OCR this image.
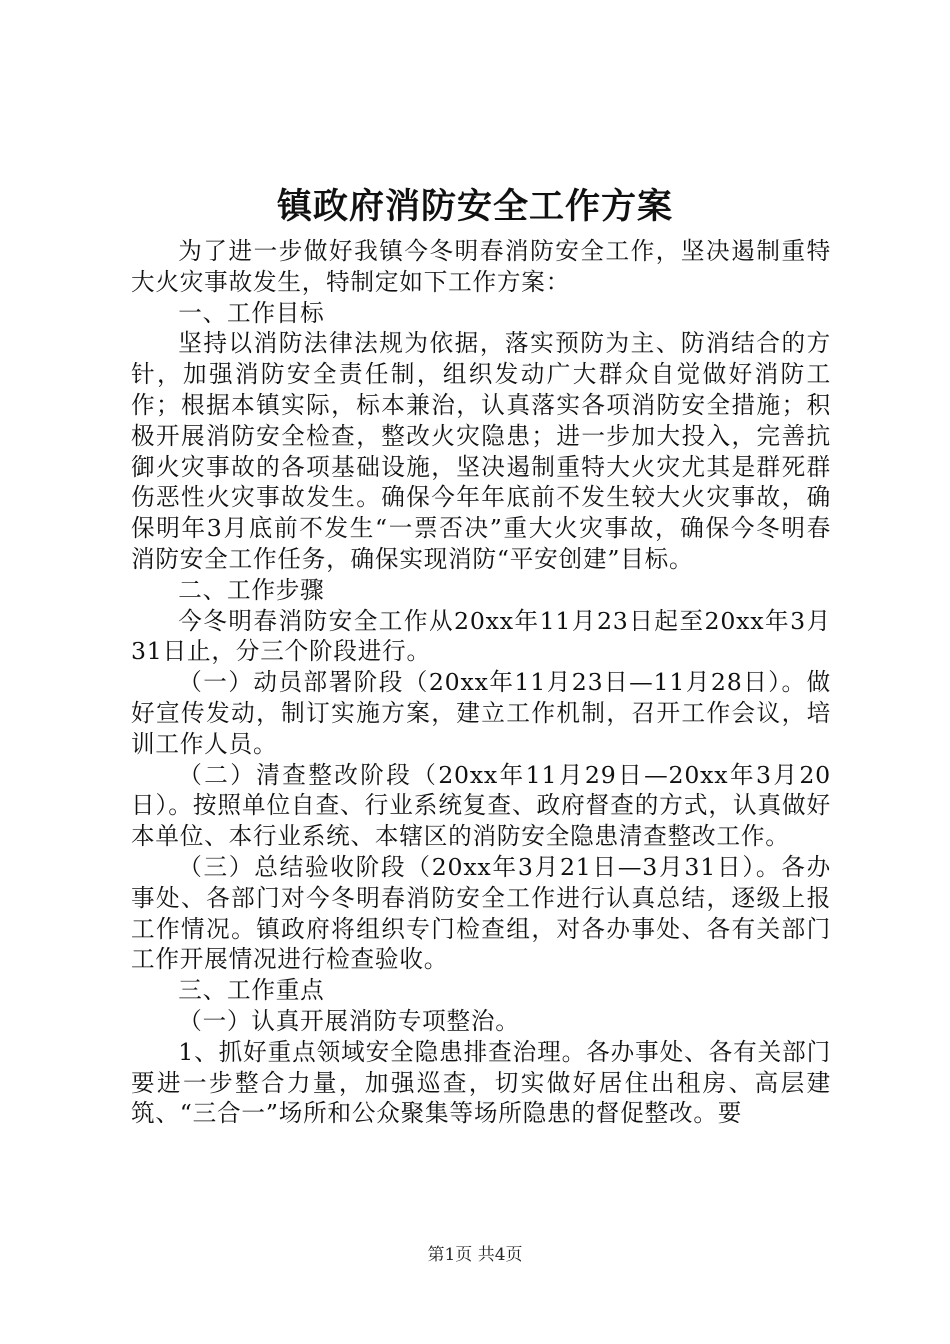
镇政府消防安全工作方案

为了进一步做好我镇今冬明春消防安全工作，坚决遏制重特大火灾事故发生，特制定如下工作方案：

一、工作目标

坚持以消防法律法规为依据，落实预防为主、防消结合的方针，加强消防安全责任制，组织发动广大群众自觉做好消防工作；根据本镇实际，标本兼治，认真落实各项消防安全措施；积极开展消防安全检查，整改火灾隐患；进一步加大投入，完善抗御火灾事故的各项基础设施，坚决遏制重特大火灾尤其是群死群伤恶性火灾事故发生。确保今年年底前不发生较大火灾事故，确保明年3月底前不发生“一票否决”重大火灾事故，确保今冬明春消防安全工作任务，确保实现消防“平安创建”目标。

二、工作步骤

今冬明春消防安全工作从20xx年11月23日起至20xx年3月31日止，分三个阶段进行。

（一）动员部署阶段（20xx年11月23日—11月28日）。做好宣传发动，制订实施方案，建立工作机制，召开工作会议，培训工作人员。

（二）清查整改阶段（20xx年11月29日—20xx年3月20日）。按照单位自查、行业系统复查、政府督查的方式，认真做好本单位、本行业系统、本辖区的消防安全隐患清查整改工作。

（三）总结验收阶段（20xx年3月21日—3月31日）。各办事处、各部门对今冬明春消防安全工作进行认真总结，逐级上报工作情况。镇政府将组织专门检查组，对各办事处、各有关部门工作开展情况进行检查验收。

三、工作重点

（一）认真开展消防专项整治。

1、抓好重点领域安全隐患排查治理。各办事处、各有关部门要进一步整合力量，加强巡查，切实做好居住出租房、高层建筑、“三合一”场所和公众聚集等场所隐患的督促整改。要

第1页 共4页
